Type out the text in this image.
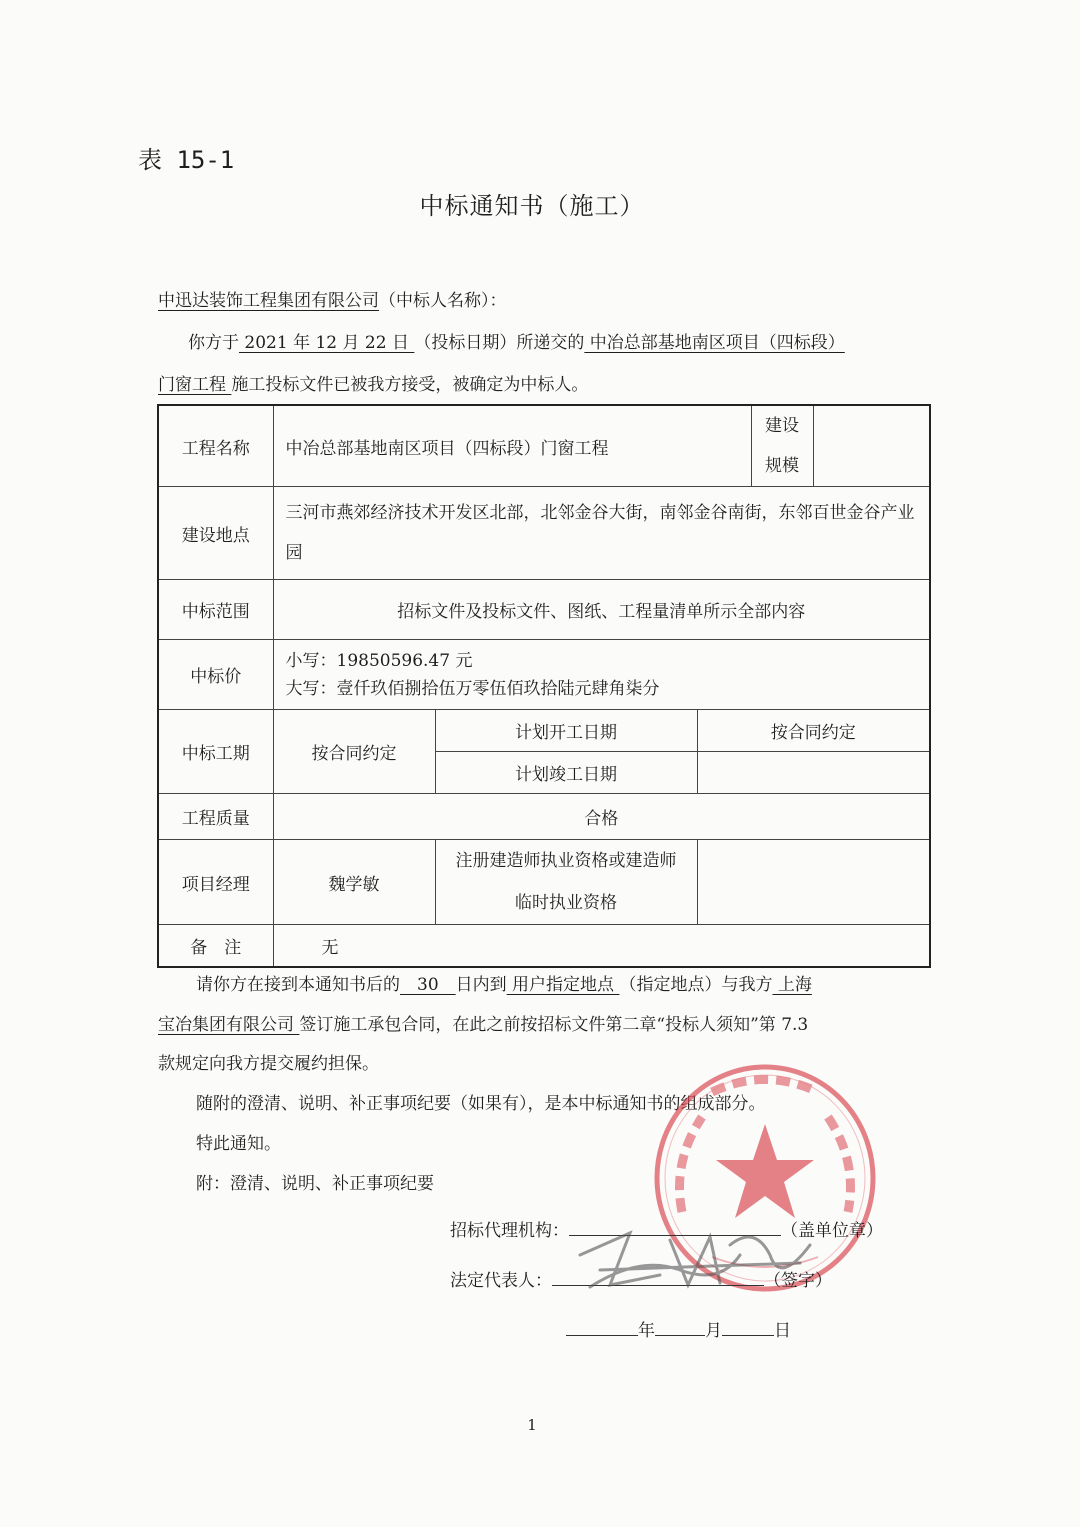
表 15-1
中标通知书（施工）
中迅达装饰工程集团有限公司（中标人名称）：
你方于 2021 年 12 月 22 日 （投标日期）所递交的 中冶总部基地南区项目（四标段）
门窗工程 施工投标文件已被我方接受，被确定为中标人。
工程名称	中冶总部基地南区项目（四标段）门窗工程			建设
规模	
建设地点	三河市燕郊经济技术开发区北部，北邻金谷大街，南邻金谷南街，东邻百世金谷产业园				
中标范围	招标文件及投标文件、图纸、工程量清单所示全部内容				
中标价	小写：19850596.47 元
大写：壹仟玖佰捌拾伍万零伍佰玖拾陆元肆角柒分				

中标工期	按合同约定	计划开工日期	按合同约定		
		计划竣工日期			
工程质量	合格				
项目经理	魏学敏	注册建造师执业资格或建造师临时执业资格			
备　注	无				
请你方在接到本通知书后的　30　日内到 用户指定地点 （指定地点）与我方 上海
宝冶集团有限公司 签订施工承包合同，在此之前按招标文件第二章“投标人须知”第 7.3
款规定向我方提交履约担保。
随附的澄清、说明、补正事项纪要（如果有），是本中标通知书的组成部分。
特此通知。
附：澄清、说明、补正事项纪要
招标代理机构：	（盖单位章）
法定代表人：	（签字）
年	月	日
1
